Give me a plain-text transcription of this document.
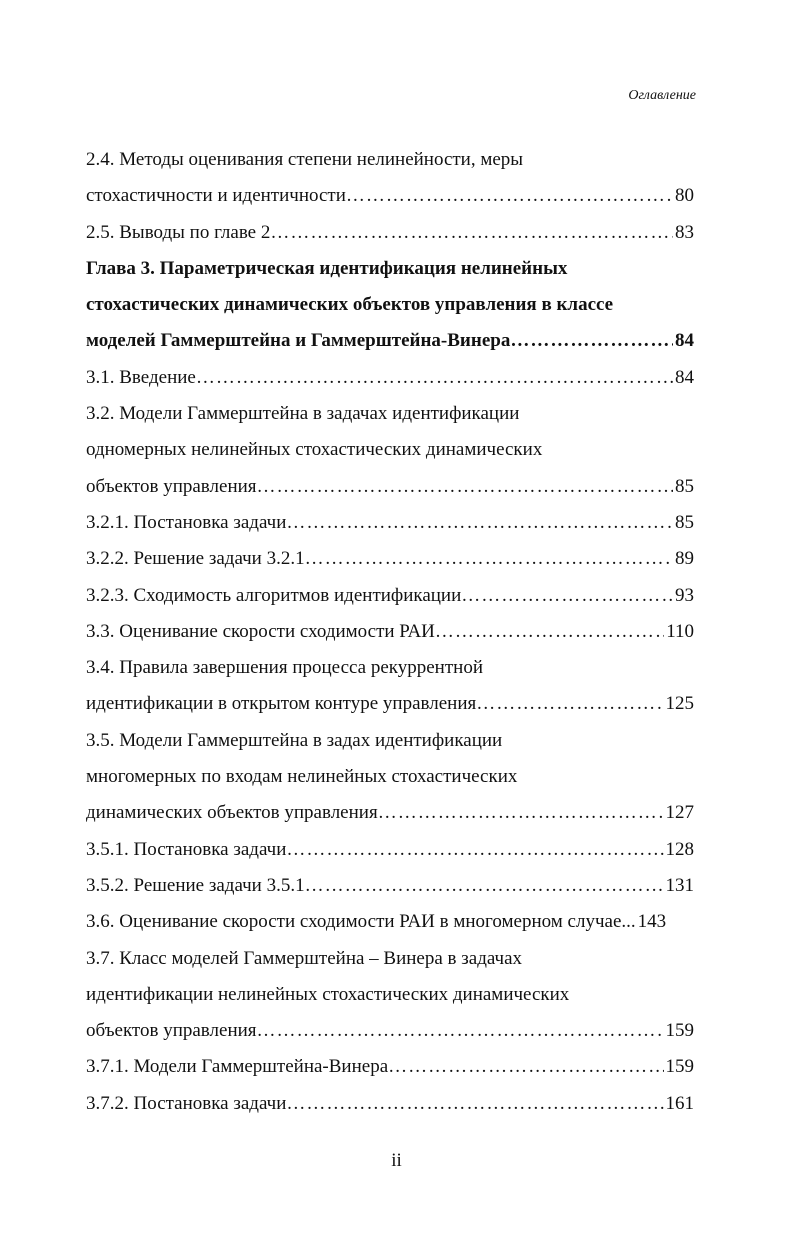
Оглавление
2.4. Методы оценивания степени нелинейности, меры
стохастичности и идентичности ………………………………………………………………………………………………………………………………	80
2.5. Выводы по главе 2 ………………………………………………………………………………………………………………………………	83
Глава 3. Параметрическая идентификация нелинейных
стохастических динамических объектов управления в классе
моделей Гаммерштейна и Гаммерштейна-Винера ………………………………………………………………………………………………………………………………	84
3.1. Введение ………………………………………………………………………………………………………………………………	84
3.2. Модели Гаммерштейна в задачах идентификации
одномерных нелинейных стохастических динамических
объектов управления ………………………………………………………………………………………………………………………………	85
3.2.1. Постановка задачи ………………………………………………………………………………………………………………………………	85
3.2.2. Решение задачи 3.2.1 ………………………………………………………………………………………………………………………………	89
3.2.3. Сходимость алгоритмов идентификации ………………………………………………………………………………………………………………………………	93
3.3. Оценивание скорости сходимости РАИ ………………………………………………………………………………………………………………………………	110
3.4. Правила завершения процесса рекуррентной
идентификации в открытом контуре управления ………………………………………………………………………………………………………………………………	125
3.5. Модели Гаммерштейна в задах идентификации
многомерных по входам нелинейных стохастических
динамических объектов управления ………………………………………………………………………………………………………………………………	127
3.5.1. Постановка задачи ………………………………………………………………………………………………………………………………	128
3.5.2. Решение задачи 3.5.1 ………………………………………………………………………………………………………………………………	131
3.6. Оценивание скорости сходимости РАИ в многомерном случае... 143
3.7. Класс моделей Гаммерштейна – Винера в задачах
идентификации нелинейных стохастических динамических
объектов управления ………………………………………………………………………………………………………………………………	159
3.7.1. Модели Гаммерштейна-Винера ………………………………………………………………………………………………………………………………	159
3.7.2. Постановка задачи ………………………………………………………………………………………………………………………………	161
ii
